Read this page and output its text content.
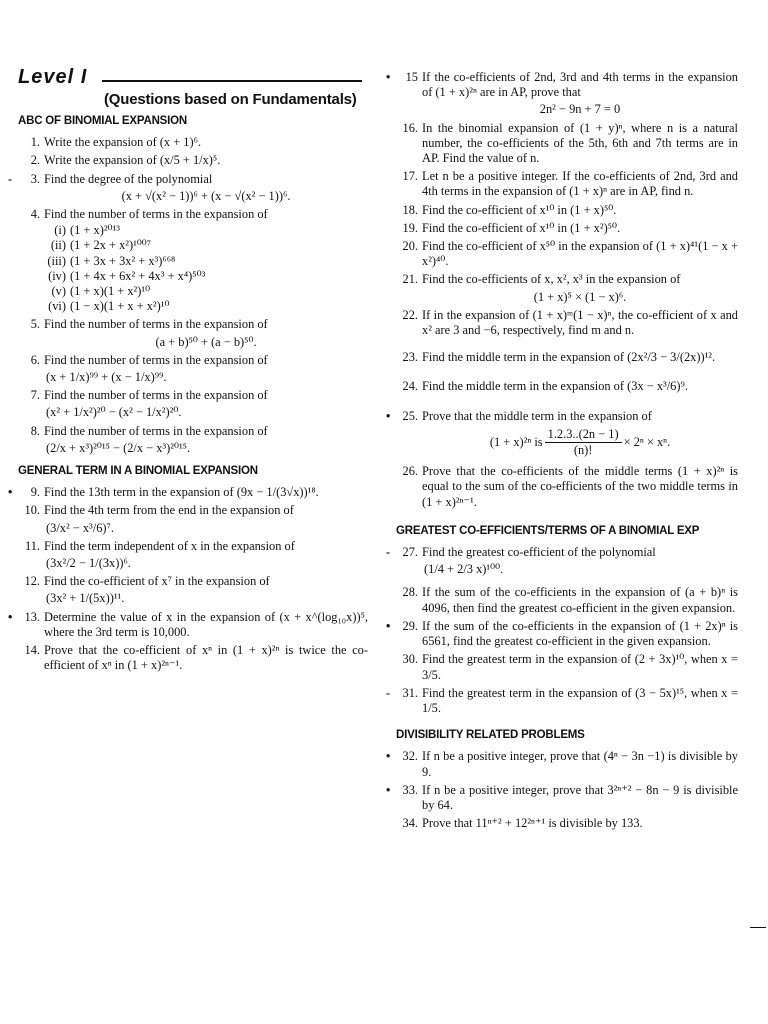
Level I
(Questions based on Fundamentals)
ABC OF BINOMIAL EXPANSION
1. Write the expansion of (x + 1)⁶.
2. Write the expansion of (x/5 + 1/x)⁵.
-	3. Find the degree of the polynomial
(x + √(x² − 1))⁶ + (x − √(x² − 1))⁶.
4. Find the number of terms in the expansion of
(i) (1 + x)²⁰¹³
(ii) (1 + 2x + x²)¹⁰⁰⁷
(iii) (1 + 3x + 3x² + x³)⁶⁶⁸
(iv) (1 + 4x + 6x² + 4x³ + x⁴)⁵⁰³
(v) (1 + x)(1 + x²)¹⁰
(vi) (1 − x)(1 + x + x²)¹⁰
5. Find the number of terms in the expansion of
(a + b)⁵⁰ + (a − b)⁵⁰.
6. Find the number of terms in the expansion of
(x + 1/x)⁹⁹ + (x − 1/x)⁹⁹.
7. Find the number of terms in the expansion of
(x² + 1/x²)²⁰ − (x² − 1/x²)²⁰.
8. Find the number of terms in the expansion of
(2/x + x³)²⁰¹⁵ − (2/x − x³)²⁰¹⁵.
GENERAL TERM IN A BINOMIAL EXPANSION
•	9. Find the 13th term in the expansion of (9x − 1/(3√x))¹⁸.
10. Find the 4th term from the end in the expansion of
(3/x² − x³/6)⁷.
11. Find the term independent of x in the expansion of
(3x²/2 − 1/(3x))⁶.
12. Find the co-efficient of x⁷ in the expansion of
(3x² + 1/(5x))¹¹.
• 13. Determine the value of x in the expansion of (x + x^(log₁₀x))⁵, where the 3rd term is 10,000.
14. Prove that the co-efficient of xⁿ in (1 + x)²ⁿ is twice the co-efficient of xⁿ in (1 + x)²ⁿ⁻¹.
•	15 If the co-efficients of 2nd, 3rd and 4th terms in the expansion of (1 + x)²ⁿ are in AP, prove that
2n² − 9n + 7 = 0
16. In the binomial expansion of (1 + y)ⁿ, where n is a natural number, the co-efficients of the 5th, 6th and 7th terms are in AP. Find the value of n.
17. Let n be a positive integer. If the co-efficients of 2nd, 3rd and 4th terms in the expansion of (1 + x)ⁿ are in AP, find n.
18. Find the co-efficient of x¹⁰ in (1 + x)⁵⁰.
19. Find the co-efficient of x¹⁰ in (1 + x²)⁵⁰.
20. Find the co-efficient of x⁵⁰ in the expansion of (1 + x)⁴¹(1 − x + x²)⁴⁰.
21. Find the co-efficients of x, x², x³ in the expansion of
(1 + x)⁵ × (1 − x)⁶.
22. If in the expansion of (1 + x)ᵐ(1 − x)ⁿ, the co-efficient of x and x² are 3 and −6, respectively, find m and n.
23. Find the middle term in the expansion of (2x²/3 − 3/(2x))¹².
24. Find the middle term in the expansion of (3x − x³/6)⁹.
• 25. Prove that the middle term in the expansion of
(1 + x)²ⁿ is $\frac{1.2.3..(2n - 1)}{(n)!} \times 2^n \times x^n$.
26. Prove that the co-efficients of the middle terms (1 + x)²ⁿ is equal to the sum of the co-efficients of the two middle terms in (1 + x)²ⁿ⁻¹.
GREATEST CO-EFFICIENTS/TERMS OF A BINOMIAL EXP
- 27. Find the greatest co-efficient of the polynomial
(1/4 + 2/3 x)¹⁰⁰.
28. If the sum of the co-efficients in the expansion of (a + b)ⁿ is 4096, then find the greatest co-efficient in the given expansion.
• 29. If the sum of the co-efficients in the expansion of (1 + 2x)ⁿ is 6561, find the greatest co-efficient in the given expansion.
30. Find the greatest term in the expansion of (2 + 3x)¹⁰, when x = 3/5.
- 31. Find the greatest term in the expansion of (3 − 5x)¹⁵, when x = 1/5.
DIVISIBILITY RELATED PROBLEMS
• 32. If n be a positive integer, prove that (4ⁿ − 3n −1) is divisible by 9.
• 33. If n be a positive integer, prove that 3²ⁿ⁺² − 8n − 9 is divisible by 64.
34. Prove that 11ⁿ⁺² + 12²ⁿ⁺¹ is divisible by 133.
